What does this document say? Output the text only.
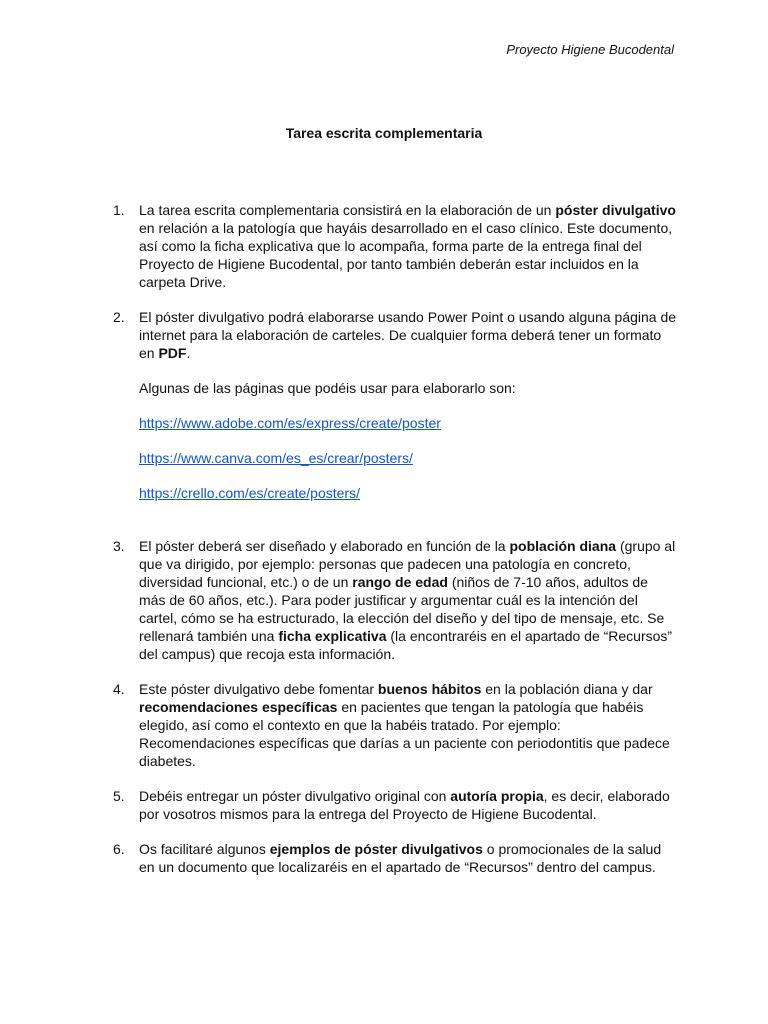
Proyecto Higiene Bucodental
Tarea escrita complementaria
1. La tarea escrita complementaria consistirá en la elaboración de un póster divulgativo en relación a la patología que hayáis desarrollado en el caso clínico. Este documento, así como la ficha explicativa que lo acompaña, forma parte de la entrega final del Proyecto de Higiene Bucodental, por tanto también deberán estar incluidos en la carpeta Drive.

2. El póster divulgativo podrá elaborarse usando Power Point o usando alguna página de internet para la elaboración de carteles. De cualquier forma deberá tener un formato en PDF.

Algunas de las páginas que podéis usar para elaborarlo son:

https://www.adobe.com/es/express/create/poster

https://www.canva.com/es_es/crear/posters/

https://crello.com/es/create/posters/

3. El póster deberá ser diseñado y elaborado en función de la población diana (grupo al que va dirigido, por ejemplo: personas que padecen una patología en concreto, diversidad funcional, etc.) o de un rango de edad (niños de 7-10 años, adultos de más de 60 años, etc.). Para poder justificar y argumentar cuál es la intención del cartel, cómo se ha estructurado, la elección del diseño y del tipo de mensaje, etc. Se rellenará también una ficha explicativa (la encontraréis en el apartado de “Recursos” del campus) que recoja esta información.

4. Este póster divulgativo debe fomentar buenos hábitos en la población diana y dar recomendaciones específicas en pacientes que tengan la patología que habéis elegido, así como el contexto en que la habéis tratado. Por ejemplo: Recomendaciones específicas que darías a un paciente con periodontitis que padece diabetes.

5. Debéis entregar un póster divulgativo original con autoría propia, es decir, elaborado por vosotros mismos para la entrega del Proyecto de Higiene Bucodental.

6. Os facilitaré algunos ejemplos de póster divulgativos o promocionales de la salud en un documento que localizaréis en el apartado de “Recursos” dentro del campus.
